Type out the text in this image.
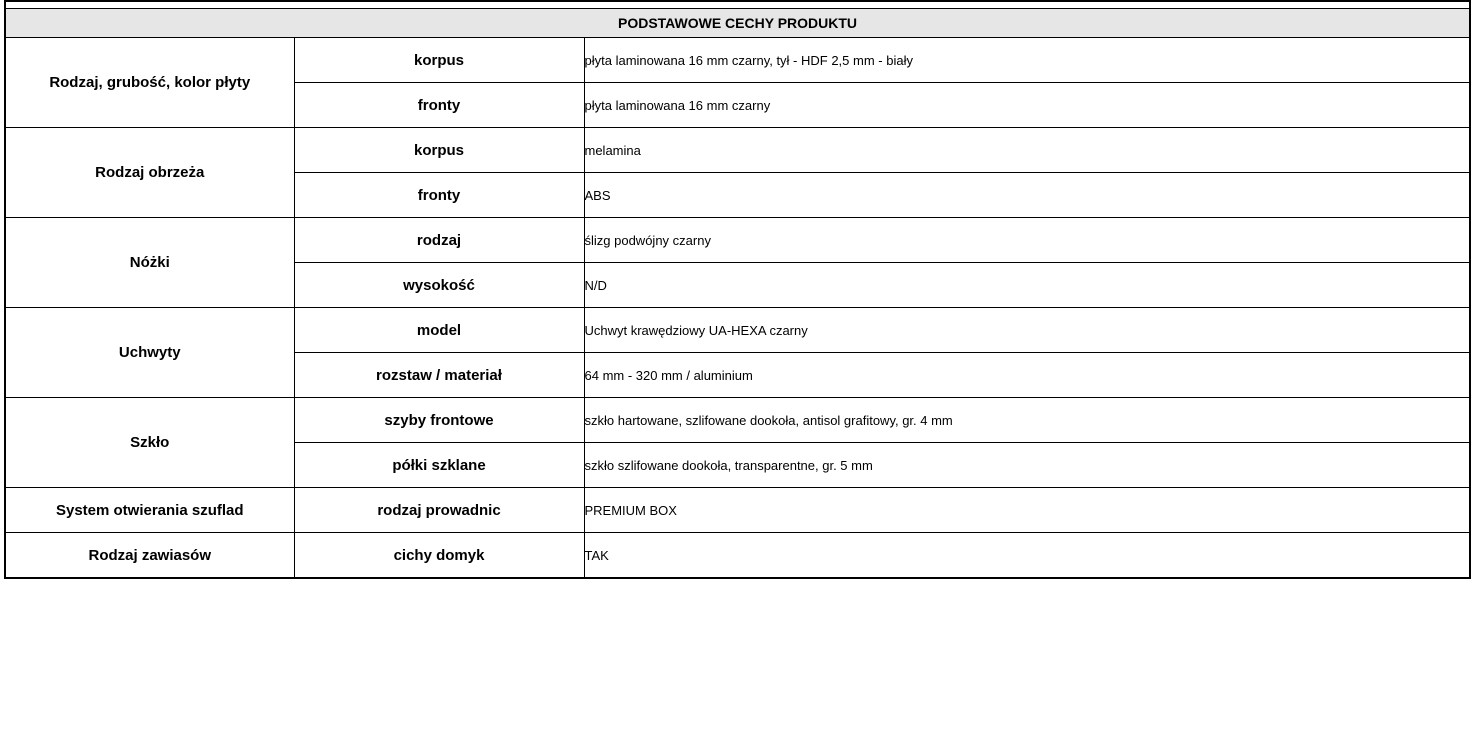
PODSTAWOWE CECHY PRODUKTU		
Rodzaj, grubość, kolor płyty	korpus	płyta laminowana 16 mm czarny, tył - HDF 2,5 mm - biały
	fronty	płyta laminowana 16 mm czarny
Rodzaj obrzeża	korpus	melamina
	fronty	ABS
Nóżki	rodzaj	ślizg podwójny czarny
	wysokość	N/D
Uchwyty	model	Uchwyt krawędziowy UA-HEXA czarny
	rozstaw / materiał	64 mm - 320 mm / aluminium
Szkło	szyby frontowe	szkło hartowane, szlifowane dookoła, antisol grafitowy, gr. 4 mm
	półki szklane	szkło szlifowane dookoła, transparentne, gr. 5 mm
System otwierania szuflad	rodzaj prowadnic	PREMIUM BOX
Rodzaj zawiasów	cichy domyk	TAK
